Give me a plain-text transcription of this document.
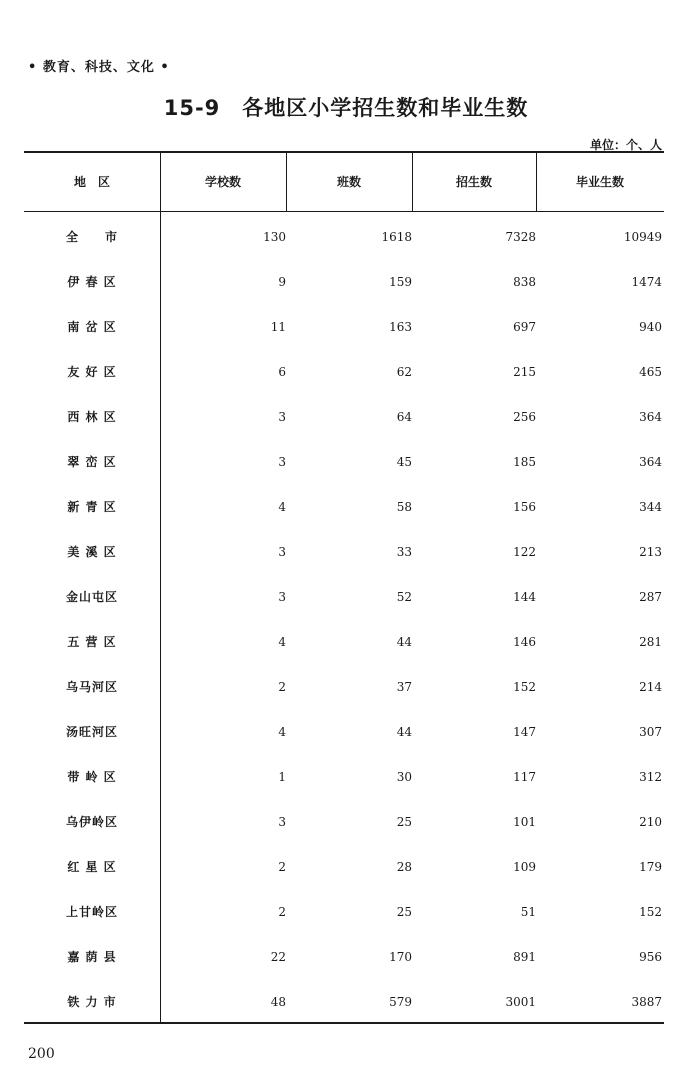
• 教育、科技、文化 •
15-9　各地区小学招生数和毕业生数
单位：个、人
地　区	学校数	班数	招生数	毕业生数
全　　市	130	1618	7328	10949
伊 春 区	9	159	838	1474
南 岔 区	11	163	697	940
友 好 区	6	62	215	465
西 林 区	3	64	256	364
翠 峦 区	3	45	185	364
新 青 区	4	58	156	344
美 溪 区	3	33	122	213
金山屯区	3	52	144	287
五 营 区	4	44	146	281
乌马河区	2	37	152	214
汤旺河区	4	44	147	307
带 岭 区	1	30	117	312
乌伊岭区	3	25	101	210
红 星 区	2	28	109	179
上甘岭区	2	25	51	152
嘉 荫 县	22	170	891	956
铁 力 市	48	579	3001	3887
200
